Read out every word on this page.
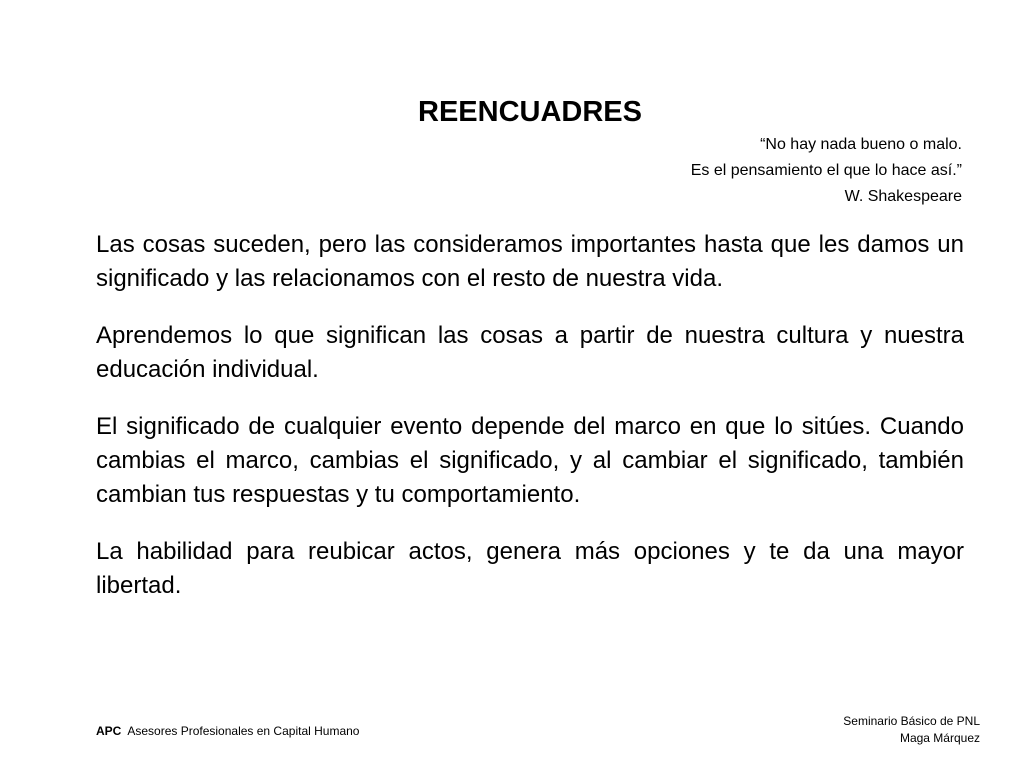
REENCUADRES
“No hay nada bueno o malo.
Es el pensamiento el que lo hace así.”
W. Shakespeare

Las cosas suceden, pero las consideramos importantes hasta que les damos un significado y las relacionamos con el resto de nuestra vida.

Aprendemos lo que significan las cosas a partir de nuestra cultura y nuestra educación individual.

El significado de cualquier evento depende del marco en que lo sitúes. Cuando cambias el marco, cambias el significado, y al cambiar el significado, también cambian tus respuestas y tu comportamiento.

La habilidad para reubicar actos, genera más opciones y te da una mayor libertad.

APC Asesores Profesionales en Capital Humano
Seminario Básico de PNL
Maga Márquez
